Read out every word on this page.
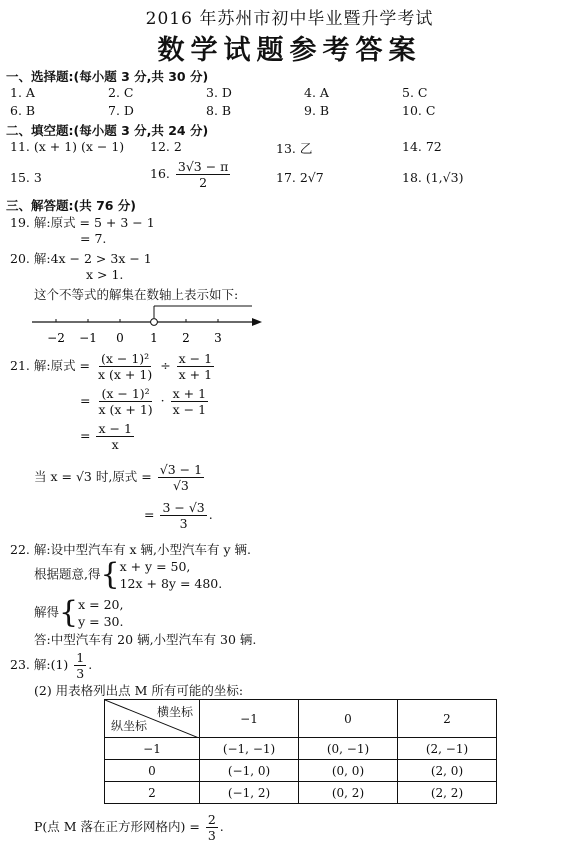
2016 年苏州市初中毕业暨升学考试
数学试题参考答案
一、选择题:(每小题 3 分,共 30 分)
1. A	2. C	3. D	4. A	5. C
6. B	7. D	8. B	9. B	10. C
二、填空题:(每小题 3 分,共 24 分)
11. (x + 1) (x − 1) 12. 2	13. 乙	14. 72
15. 3	16. $\frac{3√3 - \pi}{2}$	17. 2√7	18. (1,√3)
三、解答题:(共 76 分)
19. 解:原式 = 5 + 3 − 1
= 7.
20. 解:4x − 2 > 3x − 1
x > 1.
这个不等式的解集在数轴上表示如下:
−2 −1 0 1 2 3
21. 解:原式 = $\frac{\text{(x − 1)²}}{x (x + 1)} \div \frac{x - 1}{x + 1}$
= $\frac{\text{(x − 1)²}}{x (x + 1)} \cdot \frac{x + 1}{x - 1}$
= $\frac{x - 1}{x}$
当 x = √3 时,原式 = $\frac{√3 - 1}{√3}$
= $\frac{3 - √3}{3}$ .
22. 解:设中型汽车有 x 辆,小型汽车有 y 辆.
根据题意,得{ x + y = 50,
12x + 8y = 480.
解得{ x = 20,
y = 30.
答:中型汽车有 20 辆,小型汽车有 30 辆.
23. 解:(1) $\frac{1}{3}$ .
(2) 用表格列出点 M 所有可能的坐标:
横坐标
纵坐标	−1	0	2
−1	(−1, −1)	(0, −1)	(2, −1)
0	(−1, 0)	(0, 0)	(2, 0)
2	(−1, 2)	(0, 2)	(2, 2)
P(点 M 落在正方形网格内) = $\frac{2}{3}$ .
